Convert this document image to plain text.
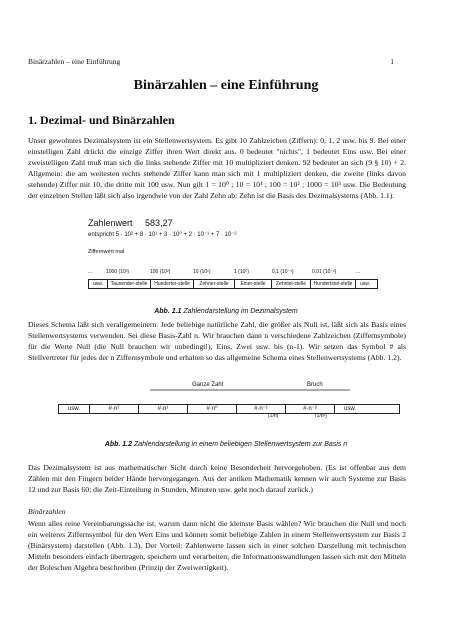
Binärzahlen – eine Einführung	1
Binärzahlen – eine Einführung
1. Dezimal- und Binärzahlen

Unser gewohntes Dezimalsystem ist ein Stellenwertsystem. Es gibt 10 Zahlzeichen (Ziffern): 0, 1, 2 usw. bis 9. Bei einer einstelligen Zahl drückt die einzige Ziffer ihren Wert direkt aus. 0 bedeutet "nichts", 1 bedeutet Eins usw. Bei einer zweistelligen Zahl muß man sich die links stehende Ziffer mit 10 multipliziert denken. 92 bedeutet an sich (9 § 10) + 2. Allgemein: die am weitesten rechts stehende Ziffer kann man sich mit 1 multipliziert denken, die zweite (links davon stehende) Ziffer mit 10, die dritte mit 100 usw. Nun gilt 1 = 10⁰ ; 10 = 10¹ ; 100 = 10² ; 1000 = 10³ usw. Die Bedeutung der einzelnen Stellen läßt sich also irgendwie von der Zahl Zehn ab: Zehn ist die Basis des Dezimalsystems (Abb. 1.1).

Zahlenwert 583,27
entspricht 5 · 10² + 8 · 10¹ + 3 · 10⁰ + 2 · 10⁻¹ + 7 · 10⁻²
Ziffernwert mal
...	1000 (10³)	100 (10²)	10 (10¹)	1 (10⁰)	0,1 (10⁻¹)	0,01 (10⁻²)	...
usw.	Tausender-stelle	Hunderter-stelle	Zehner-stelle	Einer-stelle	Zehntel-stelle	Hundertstel-stelle	usw.
Abb. 1.1 Zahlendarstellung im Dezimalsystem

Dieses Schema läßt sich verallgemeinern. Jede beliebige natürliche Zahl, die größer als Null ist, läßt sich als Basis eines Stellenwertsystems verwenden. Sei diese Basis-Zahl n. Wir brauchen dann n verschiedene Zahlzeichen (Ziffernsymbole) für die Werte Null (die Null brauchen wir unbedingt!), Eins, Zwei usw. bis (n-1). Wir setzen das Symbol # als Stellvertreter für jedes der n Ziffernsymbole und erhalten so das allgemeine Schema eines Stellenwertsystems (Abb. 1.2).

Ganze Zahl	Bruch
usw.	#·n²	#·n¹	#·n⁰	#·n⁻¹	#·n⁻²	usw.
(1/n)	(1/n²)
Abb. 1.2 Zahlendarstellung in einem beliebigen Stellenwertsystem zur Basis n

Das Dezimalsystem ist aus mathematischer Sicht durch keine Besonderheit hervorgehoben. (Es ist offenbar aus dem Zählen mit den Fingern beider Hände hervorgegangen. Aus der antiken Mathematik kennen wir auch Systeme zur Basis 12 und zur Basis 60; die Zeit-Einteilung in Stunden, Minuten usw. geht noch darauf zurück.)

Binärzahlen

Wenn alles reine Vereinbarungssache ist, warum dann nicht die kleinste Basis wählen? Wir brauchen die Null und noch ein weiteres Ziffernsymbol für den Wert Eins und können somit beliebige Zahlen in einem Stellenwertsystem zur Basis 2 (Binärsystem) darstellen (Abb. 1.3). Der Vorteil: Zahlenwerte lassen sich in einer solchen Darstellung mit technischen Mitteln besonders einfach übertragen, speichern und verarbeiten; die Informationswandlungen lassen sich mit den Mitteln der Boleschen Algebra beschreiben (Prinzip der Zweiwertigkeit).
